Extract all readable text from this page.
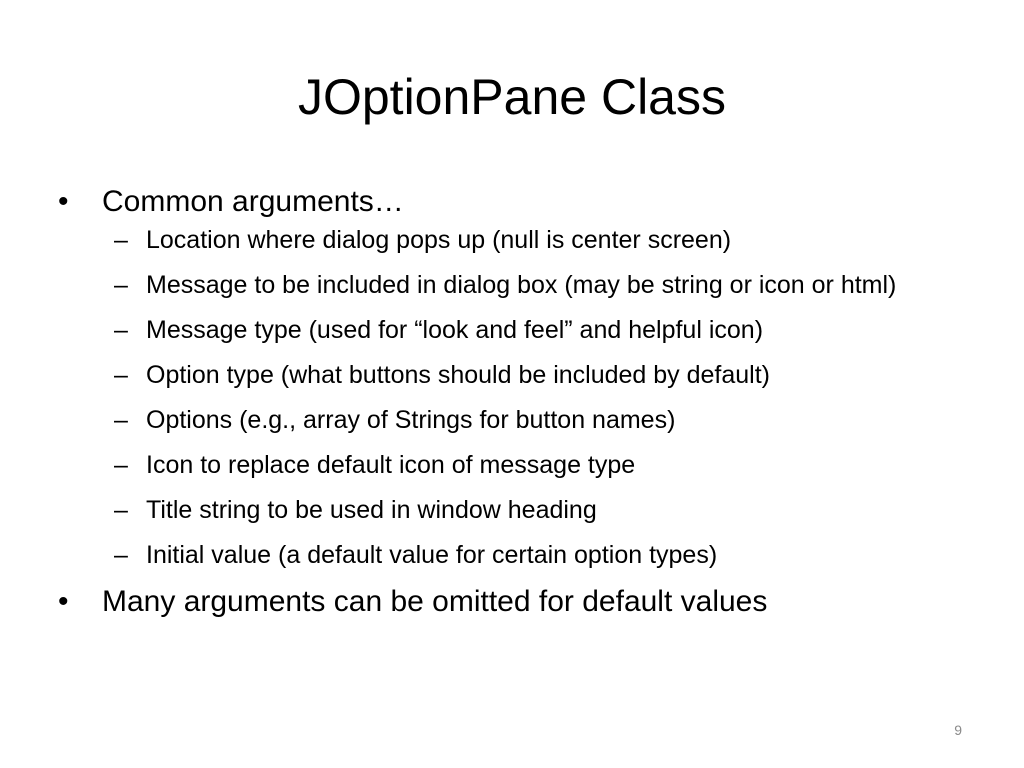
JOptionPane Class
•	Common arguments…
– Location where dialog pops up (null is center screen)
– Message to be included in dialog box (may be string or icon or html)
– Message type (used for “look and feel” and helpful icon)
– Option type (what buttons should be included by default)
– Options (e.g., array of Strings for button names)
– Icon to replace default icon of message type
– Title string to be used in window heading
– Initial value (a default value for certain option types)
•	Many arguments can be omitted for default values
9
